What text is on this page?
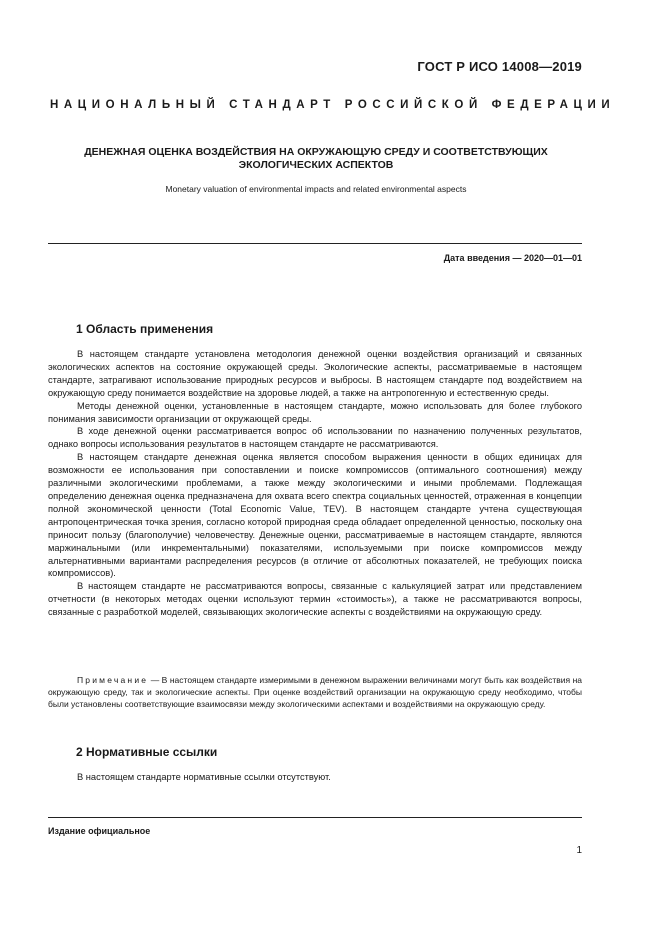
ГОСТ Р ИСО 14008—2019
НАЦИОНАЛЬНЫЙ СТАНДАРТ РОССИЙСКОЙ ФЕДЕРАЦИИ
ДЕНЕЖНАЯ ОЦЕНКА ВОЗДЕЙСТВИЯ НА ОКРУЖАЮЩУЮ СРЕДУ И СООТВЕТСТВУЮЩИХ
ЭКОЛОГИЧЕСКИХ АСПЕКТОВ
Monetary valuation of environmental impacts and related environmental aspects
Дата введения — 2020—01—01
1 Область применения

В настоящем стандарте установлена методология денежной оценки воздействия организаций и связанных экологических аспектов на состояние окружающей среды. Экологические аспекты, рассматриваемые в настоящем стандарте, затрагивают использование природных ресурсов и выбросы. В настоящем стандарте под воздействием на окружающую среду понимается воздействие на здоровье людей, а также на антропогенную и естественную среды.

Методы денежной оценки, установленные в настоящем стандарте, можно использовать для более глубокого понимания зависимости организации от окружающей среды.

В ходе денежной оценки рассматривается вопрос об использовании по назначению полученных результатов, однако вопросы использования результатов в настоящем стандарте не рассматриваются.

В настоящем стандарте денежная оценка является способом выражения ценности в общих единицах для возможности ее использования при сопоставлении и поиске компромиссов (оптимального соотношения) между различными экологическими проблемами, а также между экологическими и иными проблемами. Подлежащая определению денежная оценка предназначена для охвата всего спектра социальных ценностей, отраженная в концепции полной экономической ценности (Total Economic Value, TEV). В настоящем стандарте учтена существующая антропоцентрическая точка зрения, согласно которой природная среда обладает определенной ценностью, поскольку она приносит пользу (благополучие) человечеству. Денежные оценки, рассматриваемые в настоящем стандарте, являются маржинальными (или инкрементальными) показателями, используемыми при поиске компромиссов между альтернативными вариантами распределения ресурсов (в отличие от абсолютных показателей, не требующих поиска компромиссов).

В настоящем стандарте не рассматриваются вопросы, связанные с калькуляцией затрат или представлением отчетности (в некоторых методах оценки используют термин «стоимость»), а также не рассматриваются вопросы, связанные с разработкой моделей, связывающих экологические аспекты с воздействиями на окружающую среду.

Примечание — В настоящем стандарте измеримыми в денежном выражении величинами могут быть как воздействия на окружающую среду, так и экологические аспекты. При оценке воздействий организации на окружающую среду необходимо, чтобы были установлены соответствующие взаимосвязи между экологическими аспектами и воздействиями на окружающую среду.
2 Нормативные ссылки

В настоящем стандарте нормативные ссылки отсутствуют.

Издание официальное
1
